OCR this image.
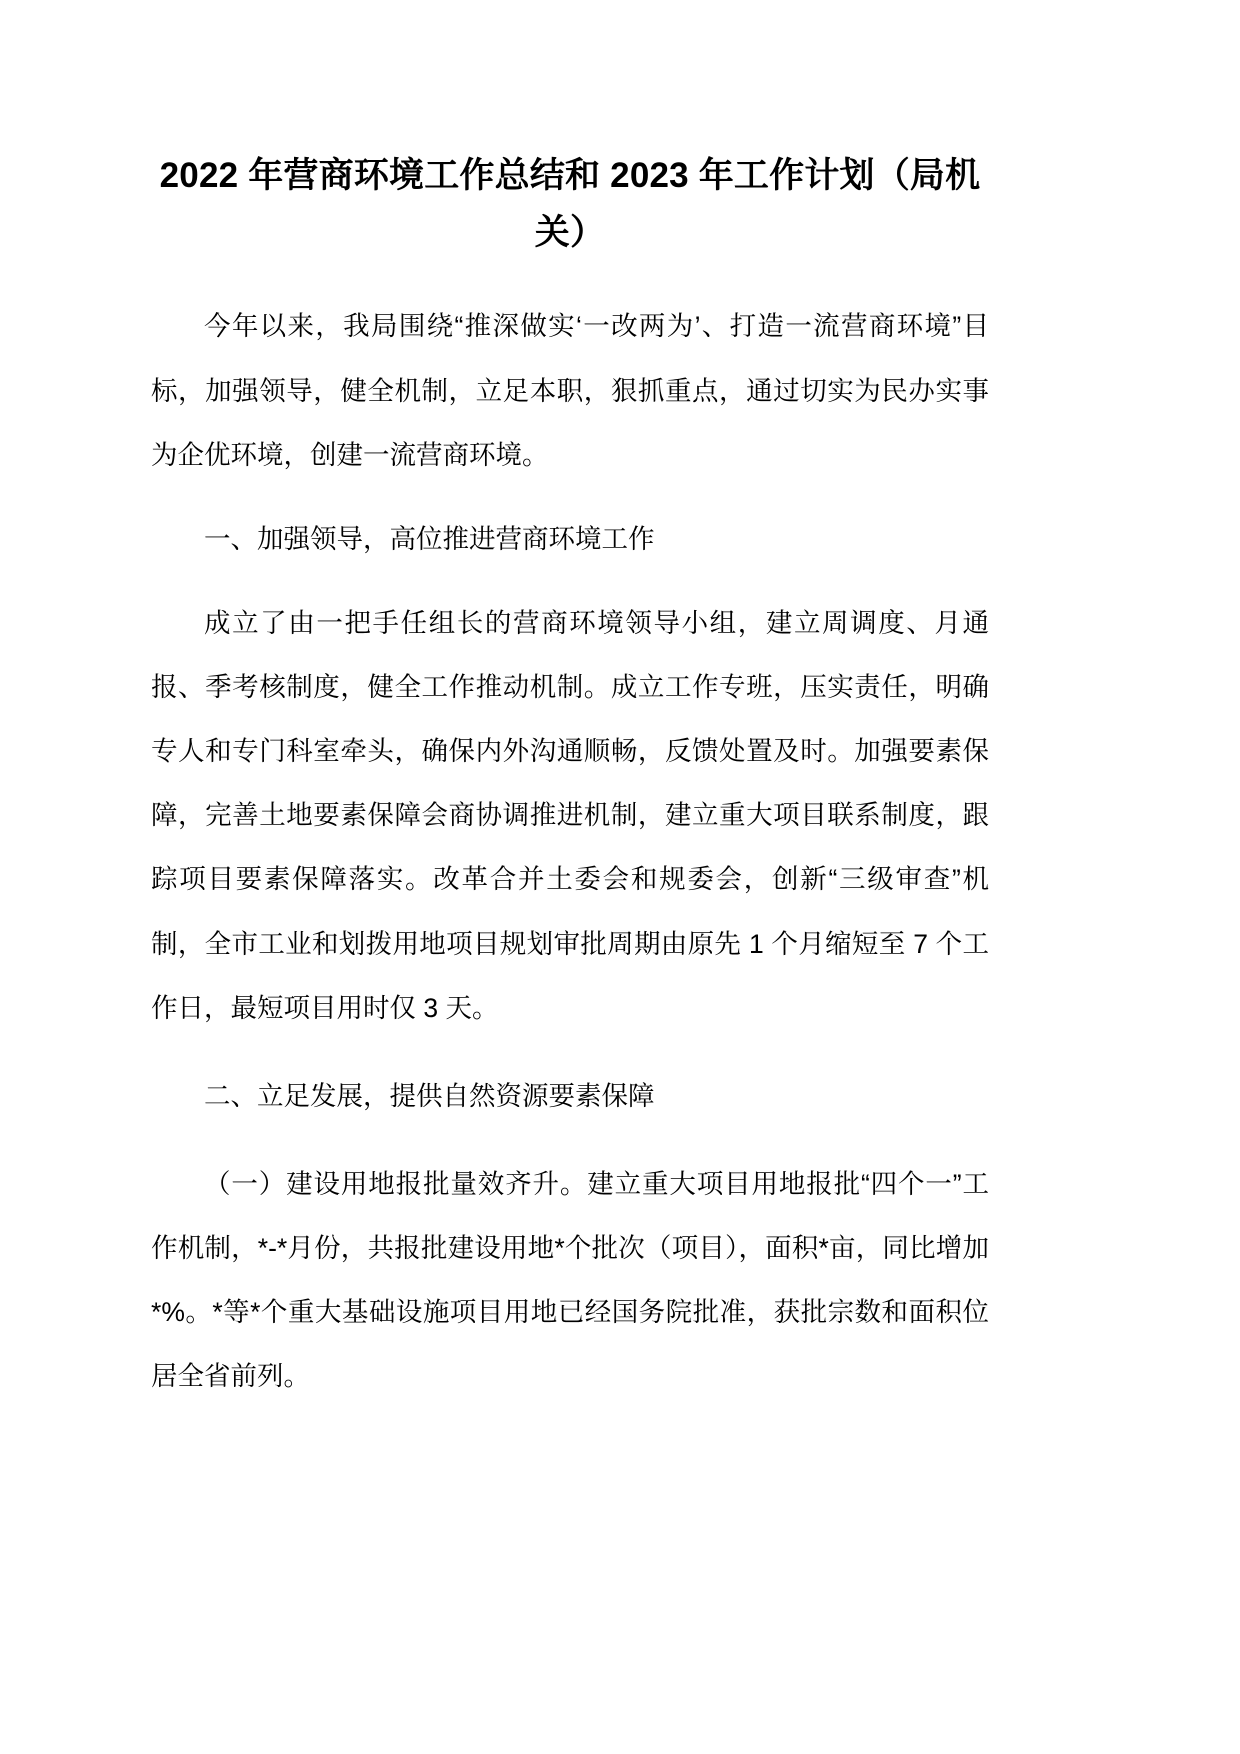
2022 年营商环境工作总结和 2023 年工作计划（局机关）

今年以来，我局围绕“推深做实‘一改两为’、打造一流营商环境”目标，加强领导，健全机制，立足本职，狠抓重点，通过切实为民办实事为企优环境，创建一流营商环境。

一、加强领导，高位推进营商环境工作

成立了由一把手任组长的营商环境领导小组，建立周调度、月通报、季考核制度，健全工作推动机制。成立工作专班，压实责任，明确专人和专门科室牵头，确保内外沟通顺畅，反馈处置及时。加强要素保障，完善土地要素保障会商协调推进机制，建立重大项目联系制度，跟踪项目要素保障落实。改革合并土委会和规委会，创新“三级审查”机制，全市工业和划拨用地项目规划审批周期由原先 1 个月缩短至 7 个工作日，最短项目用时仅 3 天。

二、立足发展，提供自然资源要素保障

（一）建设用地报批量效齐升。建立重大项目用地报批“四个一”工作机制，*-*月份，共报批建设用地*个批次（项目），面积*亩，同比增加*%。*等*个重大基础设施项目用地已经国务院批准，获批宗数和面积位居全省前列。
